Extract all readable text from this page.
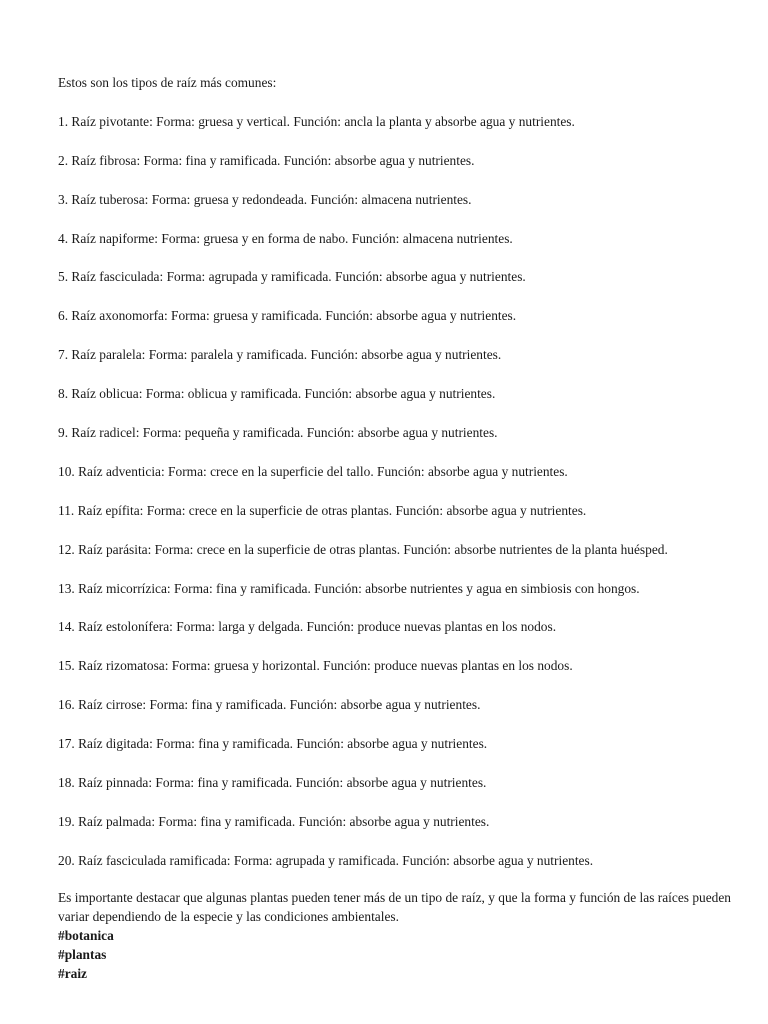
Estos son los tipos de raíz más comunes:

1. Raíz pivotante: Forma: gruesa y vertical. Función: ancla la planta y absorbe agua y nutrientes.
2. Raíz fibrosa: Forma: fina y ramificada. Función: absorbe agua y nutrientes.
3. Raíz tuberosa: Forma: gruesa y redondeada. Función: almacena nutrientes.
4. Raíz napiforme: Forma: gruesa y en forma de nabo. Función: almacena nutrientes.
5. Raíz fasciculada: Forma: agrupada y ramificada. Función: absorbe agua y nutrientes.
6. Raíz axonomorfa: Forma: gruesa y ramificada. Función: absorbe agua y nutrientes.
7. Raíz paralela: Forma: paralela y ramificada. Función: absorbe agua y nutrientes.
8. Raíz oblicua: Forma: oblicua y ramificada. Función: absorbe agua y nutrientes.
9. Raíz radicel: Forma: pequeña y ramificada. Función: absorbe agua y nutrientes.
10. Raíz adventicia: Forma: crece en la superficie del tallo. Función: absorbe agua y nutrientes.
11. Raíz epífita: Forma: crece en la superficie de otras plantas. Función: absorbe agua y nutrientes.
12. Raíz parásita: Forma: crece en la superficie de otras plantas. Función: absorbe nutrientes de la planta huésped.
13. Raíz micorrízica: Forma: fina y ramificada. Función: absorbe nutrientes y agua en simbiosis con hongos.
14. Raíz estolonífera: Forma: larga y delgada. Función: produce nuevas plantas en los nodos.
15. Raíz rizomatosa: Forma: gruesa y horizontal. Función: produce nuevas plantas en los nodos.
16. Raíz cirrose: Forma: fina y ramificada. Función: absorbe agua y nutrientes.
17. Raíz digitada: Forma: fina y ramificada. Función: absorbe agua y nutrientes.
18. Raíz pinnada: Forma: fina y ramificada. Función: absorbe agua y nutrientes.
19. Raíz palmada: Forma: fina y ramificada. Función: absorbe agua y nutrientes.
20. Raíz fasciculada ramificada: Forma: agrupada y ramificada. Función: absorbe agua y nutrientes.

Es importante destacar que algunas plantas pueden tener más de un tipo de raíz, y que la forma y función de las raíces pueden variar dependiendo de la especie y las condiciones ambientales.

#botanica

#plantas

#raiz
